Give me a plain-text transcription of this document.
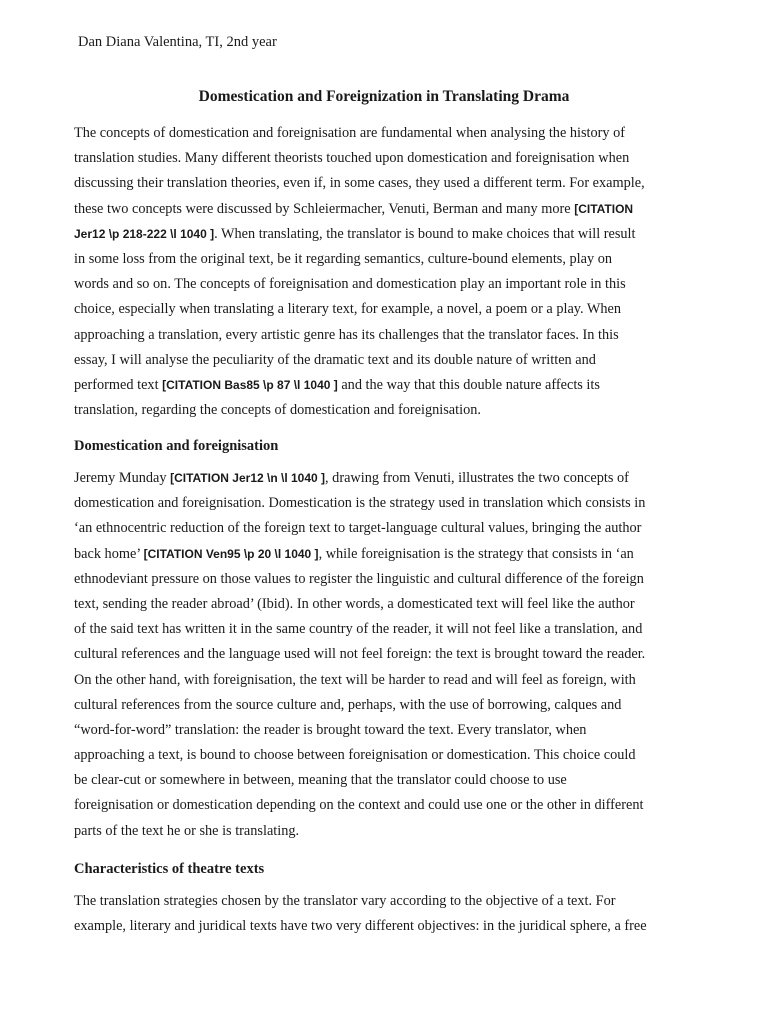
Dan Diana Valentina, TI, 2nd year
Domestication and Foreignization in Translating Drama
The concepts of domestication and foreignisation are fundamental when analysing the history of
translation studies. Many different theorists touched upon domestication and foreignisation when
discussing their translation theories, even if, in some cases, they used a different term. For example,
these two concepts were discussed by Schleiermacher, Venuti, Berman and many more [CITATION
Jer12 \p 218-222 \l 1040 ]. When translating, the translator is bound to make choices that will result
in some loss from the original text, be it regarding semantics, culture-bound elements, play on
words and so on. The concepts of foreignisation and domestication play an important role in this
choice, especially when translating a literary text, for example, a novel, a poem or a play. When
approaching a translation, every artistic genre has its challenges that the translator faces. In this
essay, I will analyse the peculiarity of the dramatic text and its double nature of written and
performed text [CITATION Bas85 \p 87 \l 1040 ] and the way that this double nature affects its
translation, regarding the concepts of domestication and foreignisation.
Domestication and foreignisation
Jeremy Munday [CITATION Jer12 \n \l 1040 ], drawing from Venuti, illustrates the two concepts of
domestication and foreignisation. Domestication is the strategy used in translation which consists in
‘an ethnocentric reduction of the foreign text to target-language cultural values, bringing the author
back home’ [CITATION Ven95 \p 20 \l 1040 ], while foreignisation is the strategy that consists in ‘an
ethnodeviant pressure on those values to register the linguistic and cultural difference of the foreign
text, sending the reader abroad’ (Ibid). In other words, a domesticated text will feel like the author
of the said text has written it in the same country of the reader, it will not feel like a translation, and
cultural references and the language used will not feel foreign: the text is brought toward the reader.
On the other hand, with foreignisation, the text will be harder to read and will feel as foreign, with
cultural references from the source culture and, perhaps, with the use of borrowing, calques and
“word-for-word” translation: the reader is brought toward the text. Every translator, when
approaching a text, is bound to choose between foreignisation or domestication. This choice could
be clear-cut or somewhere in between, meaning that the translator could choose to use
foreignisation or domestication depending on the context and could use one or the other in different
parts of the text he or she is translating.
Characteristics of theatre texts
The translation strategies chosen by the translator vary according to the objective of a text. For
example, literary and juridical texts have two very different objectives: in the juridical sphere, a free
